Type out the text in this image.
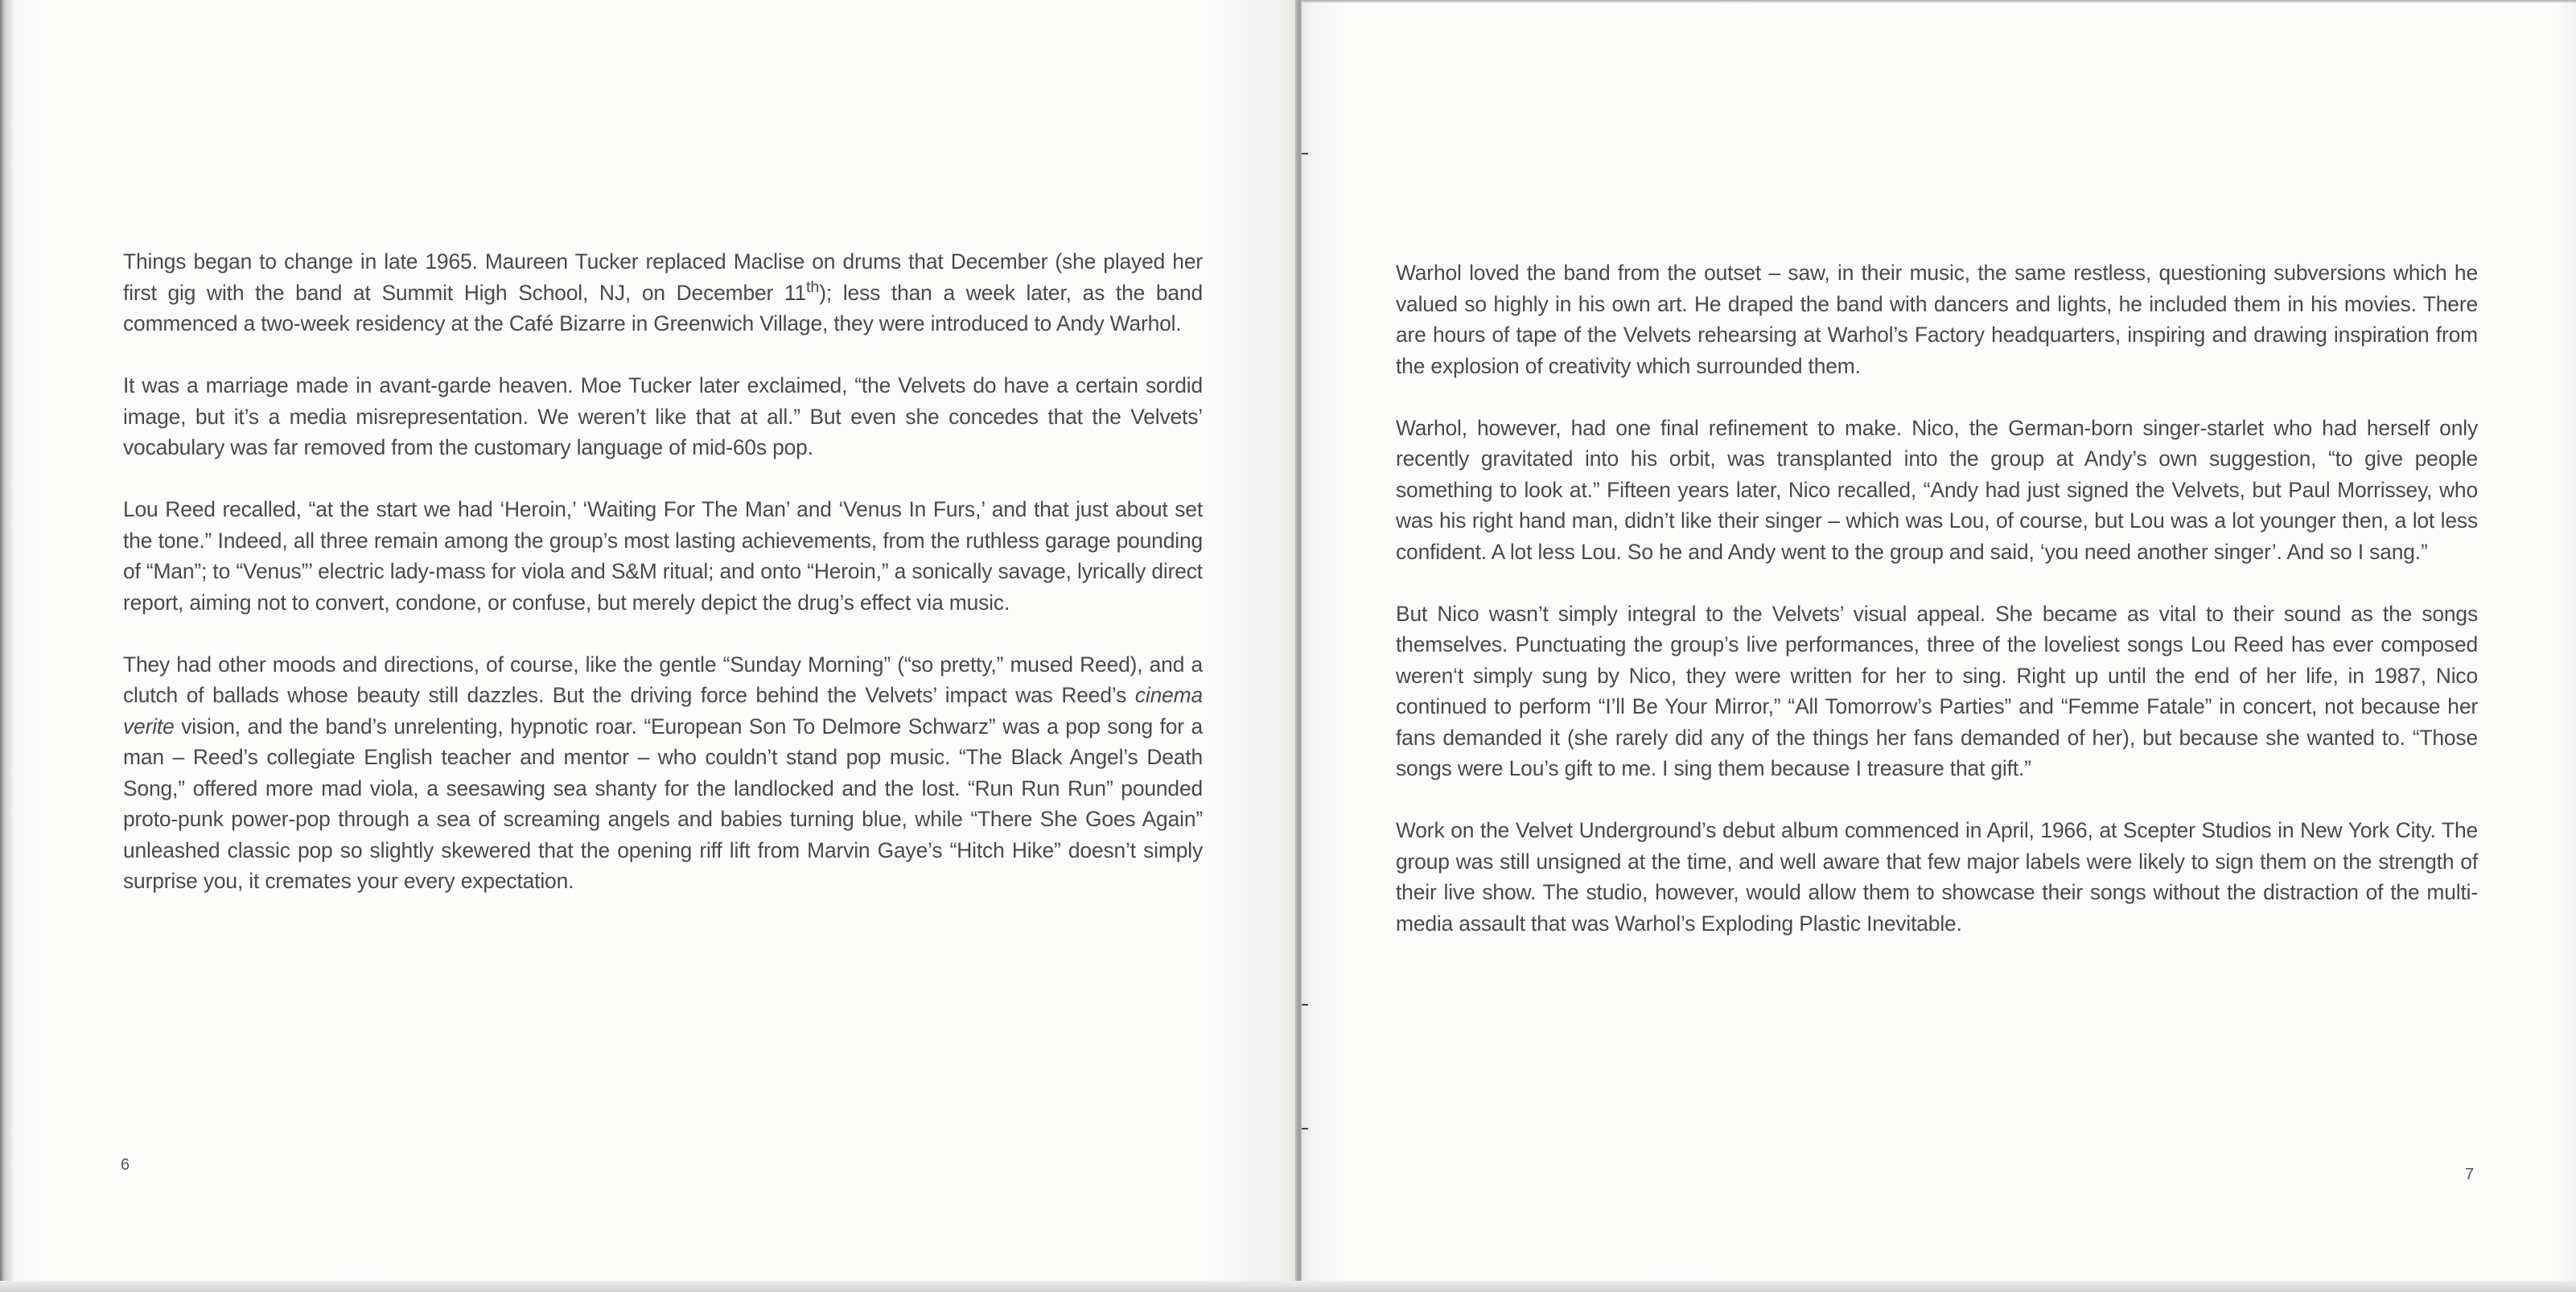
Things began to change in late 1965. Maureen Tucker replaced Maclise on drums that December (she played her first gig with the band at Summit High School, NJ, on December 11th); less than a week later, as the band commenced a two-week residency at the Café Bizarre in Greenwich Village, they were introduced to Andy Warhol.

It was a marriage made in avant-garde heaven. Moe Tucker later exclaimed, “the Velvets do have a certain sordid image, but it’s a media misrepresentation. We weren’t like that at all.” But even she concedes that the Velvets’ vocabulary was far removed from the customary language of mid-60s pop.

Lou Reed recalled, “at the start we had ‘Heroin,’ ‘Waiting For The Man’ and ‘Venus In Furs,’ and that just about set the tone.” Indeed, all three remain among the group’s most lasting achievements, from the ruthless garage pounding of “Man”; to “Venus”’ electric lady-mass for viola and S&M ritual; and onto “Heroin,” a sonically savage, lyrically direct report, aiming not to convert, condone, or confuse, but merely depict the drug’s effect via music.

They had other moods and directions, of course, like the gentle “Sunday Morning” (“so pretty,” mused Reed), and a clutch of ballads whose beauty still dazzles. But the driving force behind the Velvets’ impact was Reed’s cinema verite vision, and the band’s unrelenting, hypnotic roar. “European Son To Delmore Schwarz” was a pop song for a man – Reed’s collegiate English teacher and mentor – who couldn’t stand pop music. “The Black Angel’s Death Song,” offered more mad viola, a seesawing sea shanty for the landlocked and the lost. “Run Run Run” pounded proto-punk power-pop through a sea of screaming angels and babies turning blue, while “There She Goes Again” unleashed classic pop so slightly skewered that the opening riff lift from Marvin Gaye’s “Hitch Hike” doesn’t simply surprise you, it cremates your every expectation.

6

Warhol loved the band from the outset – saw, in their music, the same restless, questioning subversions which he valued so highly in his own art. He draped the band with dancers and lights, he included them in his movies. There are hours of tape of the Velvets rehearsing at Warhol’s Factory headquarters, inspiring and drawing inspiration from the explosion of creativity which surrounded them.

Warhol, however, had one final refinement to make. Nico, the German-born singer-starlet who had herself only recently gravitated into his orbit, was transplanted into the group at Andy’s own suggestion, “to give people something to look at.” Fifteen years later, Nico recalled, “Andy had just signed the Velvets, but Paul Morrissey, who was his right hand man, didn’t like their singer – which was Lou, of course, but Lou was a lot younger then, a lot less confident. A lot less Lou. So he and Andy went to the group and said, ‘you need another singer’. And so I sang.”

But Nico wasn’t simply integral to the Velvets’ visual appeal. She became as vital to their sound as the songs themselves. Punctuating the group’s live performances, three of the loveliest songs Lou Reed has ever composed weren‘t simply sung by Nico, they were written for her to sing. Right up until the end of her life, in 1987, Nico continued to perform “I’ll Be Your Mirror,” “All Tomorrow’s Parties” and “Femme Fatale” in concert, not because her fans demanded it (she rarely did any of the things her fans demanded of her), but because she wanted to. “Those songs were Lou’s gift to me. I sing them because I treasure that gift.”

Work on the Velvet Underground’s debut album commenced in April, 1966, at Scepter Studios in New York City. The group was still unsigned at the time, and well aware that few major labels were likely to sign them on the strength of their live show. The studio, however, would allow them to showcase their songs without the distraction of the multi-media assault that was Warhol’s Exploding Plastic Inevitable.

7
